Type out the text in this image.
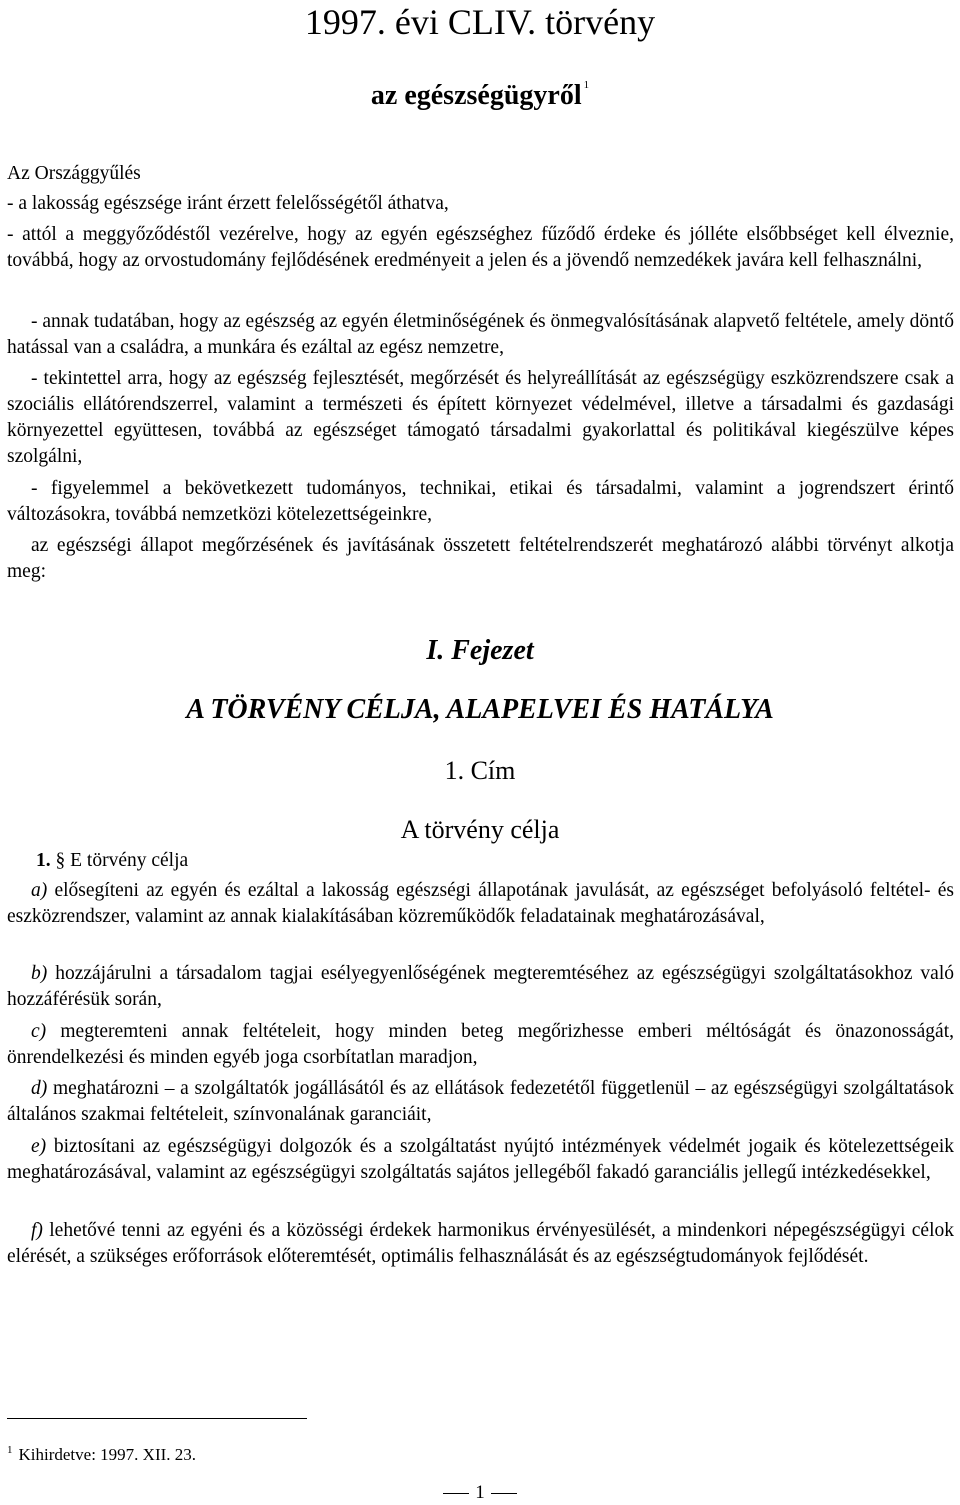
1997. évi CLIV. törvény
az egészségügyről $^1$
Az Országgyűlés
- a lakosság egészsége iránt érzett felelősségétől áthatva,
- attól a meggyőződéstől vezérelve, hogy az egyén egészséghez fűződő érdeke és jólléte elsőbbséget kell élveznie, továbbá, hogy az orvostudomány fejlődésének eredményeit a jelen és a jövendő nemzedékek javára kell felhasználni,
- annak tudatában, hogy az egészség az egyén életminőségének és önmegvalósításának alapvető feltétele, amely döntő hatással van a családra, a munkára és ezáltal az egész nemzetre,
- tekintettel arra, hogy az egészség fejlesztését, megőrzését és helyreállítását az egészségügy eszközrendszere csak a szociális ellátórendszerrel, valamint a természeti és épített környezet védelmével, illetve a társadalmi és gazdasági környezettel együttesen, továbbá az egészséget támogató társadalmi gyakorlattal és politikával kiegészülve képes szolgálni,
- figyelemmel a bekövetkezett tudományos, technikai, etikai és társadalmi, valamint a jogrendszert érintő változásokra, továbbá nemzetközi kötelezettségeinkre,
az egészségi állapot megőrzésének és javításának összetett feltételrendszerét meghatározó alábbi törvényt alkotja meg:
I. Fejezet
A TÖRVÉNY CÉLJA, ALAPELVEI ÉS HATÁLYA
1. Cím
A törvény célja
1. § E törvény célja
a) elősegíteni az egyén és ezáltal a lakosság egészségi állapotának javulását, az egészséget befolyásoló feltétel- és eszközrendszer, valamint az annak kialakításában közreműködők feladatainak meghatározásával,
b) hozzájárulni a társadalom tagjai esélyegyenlőségének megteremtéséhez az egészségügyi szolgáltatásokhoz való hozzáférésük során,
c) megteremteni annak feltételeit, hogy minden beteg megőrizhesse emberi méltóságát és önazonosságát, önrendelkezési és minden egyéb joga csorbítatlan maradjon,
d) meghatározni – a szolgáltatók jogállásától és az ellátások fedezetétől függetlenül – az egészségügyi szolgáltatások általános szakmai feltételeit, színvonalának garanciáit,
e) biztosítani az egészségügyi dolgozók és a szolgáltatást nyújtó intézmények védelmét jogaik és kötelezettségeik meghatározásával, valamint az egészségügyi szolgáltatás sajátos jellegéből fakadó garanciális jellegű intézkedésekkel,
f) lehetővé tenni az egyéni és a közösségi érdekek harmonikus érvényesülését, a mindenkori népegészségügyi célok elérését, a szükséges erőforrások előteremtését, optimális felhasználását és az egészségtudományok fejlődését.
$^1$ Kihirdetve: 1997. XII. 23.
1
